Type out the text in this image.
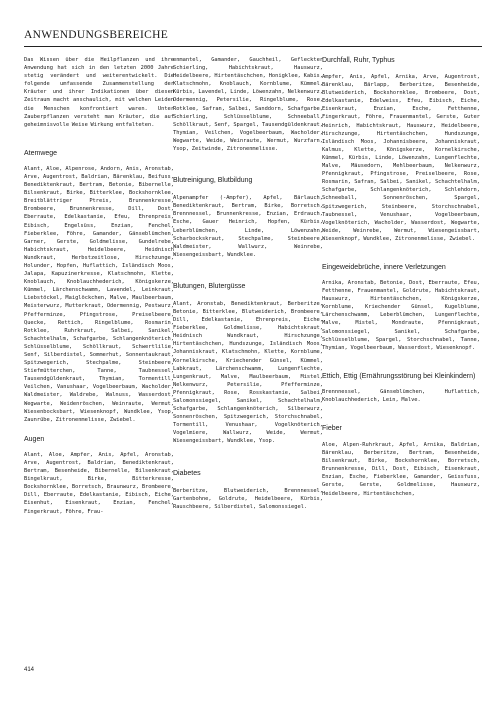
ANWENDUNGSBEREICHE

Das Wissen über die Heilpflanzen und ihre Anwendung hat sich in den letzten 2000 Jahre stetig verändert und weiterentwickelt. Die folgende umfassende Zusammenstellung der Kräuter und ihrer Indikationen über diesen Zeitraum macht anschaulich, mit welchen Leiden die Menschen konfrontiert waren. Unter Zauberpflanzen versteht man Kräuter, die auf geheimnisvolle Weise Wirkung entfalteten.

Atemwege

Alant, Aloe, Alpenrose, Andorn, Anis, Aronstab, Arve, Augentrost, Baldrian, Bärenklau, Beifuss, Benediktenkraut, Bertram, Betonie, Bibernelle, Bilsenkraut, Birke, Bitterklee, Bockshornklee, Breitblättriger Ptreis, Brunnenkresse, Brombeere, Brunnenkresse, Dill, Dost, Eberraute, Edelkastanie, Efeu, Ehrenpreis, Eibisch, Engelsüss, Enzian, Fenchel, Fieberklee, Föhre, Gamander, Gänseblümchen, Garner, Gerste, Goldmelisse, Gundelrebe, Habichtskraut, Heidelbeere, Heidnisch Wundkraut, Herbstzeitlose, Hirschzunge, Holunder, Hopfen, Huflattich, Isländisch Moos, Jalapa, Kapuzinerkresse, Klatschmohn, Klette, Knoblauch, Knoblauchhederich, Königskerze, Kümmel, Lärchenschwamm, Lavendel, Leinkraut, Liebstöckel, Maiglöckchen, Malve, Maulbeerbaum, Meisterwurz, Mutterkraut, Odermennig, Pestwurz, Pfefferminze, Pfingstrose, Preiselbeere, Quecke, Rettich, Ringelblume, Rosmarin, Rotklee, Ruhrkraut, Salbei, Sanikel, Schachtelhalm, Schafgarbe, Schlangenknöterich, Schlüsselblume, Schöllkraut, Schwertlilie, Senf, Silberdistel, Sommerhut, Sonnentaukraut, Spitzwegerich, Stechpalme, Steinbeere, Stiefmütterchen, Tanne, Taubnessel, Tausendgüldenkraut, Thymian, Tormentill, Veilchen, Vanushaar, Vogelbeerbaum, Wacholder, Waldmeister, Waldrebe, Walnuss, Wasserdost, Wegwarte, Weidenröschen, Weinraute, Wermut, Wiesenbocksbart, Wiesenknopf, Wundklee, Ysop, Zaunrübe, Zitronenmelisse, Zwiebel.

Augen

Alant, Aloe, Ampfer, Anis, Apfel, Aronstab, Arve, Augentrost, Baldrian, Benediktenkraut, Bertram, Besenheide, Bibernelle, Bilsenkraut, Bingelkraut, Birke, Bitterkresse, Bockshornklee, Borretsch, Braunwurz, Brombeere, Dill, Eberraute, Edelkastanie, Eibisch, Eiche, Eisenhut, Eisenkraut, Enzian, Fenchel, Fingerkraut, Föhre, Frau-

enmantel, Gamander, Gauchheil, Gefleckter Schierling, Habichtskraut, Hauswurz, Heidelbeere, Hirtentäschchen, Honigklee, Kabis, Klatschmohn, Knoblauch, Kornblume, Kümmel, Kürbis, Lavendel, Linde, Löwenzahn, Nelkenwurz, Odermennig, Petersilie, Ringelblume, Rose, Rotklee, Safran, Salbei, Sanddorn, Schafgarbe, Schierling, Schlüsselblume, Schneeball, Schöllkraut, Senf, Spargel, Tausendgüldenkraut, Thymian, Veilchen, Vogelbeerbaum, Wacholder, Wegwarte, Weide, Weinraute, Wermut, Wurzfarn, Ysop, Zeitwinde, Zitronenmelisse.

Blutreinigung, Blutbildung

Alpenampfer (-Ampfer), Apfel, Bärlauch, Benediktenkraut, Bertram, Birke, Borretsch, Brennnessel, Brunnenkresse, Enzian, Erdrauch, Esche, Gauer Heinrich, Hopfen, Kürbis, Leberblümchen, Linde, Löwenzahn, Scharbockskraut, Stechpalme, Steinbeere, Waldmeister, Wallwurz, Weinrebe, Wiesengeissbart, Wundklee.

Blutungen, Blutergüsse

Alant, Aronstab, Benediktenkraut, Berberitze, Betonie, Bitterklee, Blutweiderich, Brombeere, Dill, Edelkastanie, Ehrenpreis, Eiche, Fieberklee, Goldmelisse, Habichtskraut, Heidnisch Wundkraut, Hirschzunge, Hirtentäschchen, Hundszunge, Isländisch Moos, Johanniskraut, Klatschmohn, Klette, Kornblume, Kornelkirsche, Kriechender Günsel, Kümmel, Labkraut, Lärchenschwamm, Lungenflechte, Lungenkraut, Malve, Maulbeerbaum, Mistel, Nelkenwurz, Petersilie, Pfefferminze, Pfennigkraut, Rose, Rosskastanie, Salbei, Salomonssiegel, Sanikel, Schachtelhalm, Schafgarbe, Schlangenknöterich, Silberwurz, Sonnenröschen, Spitzwegerich, Storchschnabel, Tormentill, Venushaar, Vogelknöterich, Vogelmiere, Wallwurz, Weide, Wermut, Wiesengeissbart, Wundklee, Ysop.

Diabetes

Berberitze, Blutweiderich, Brennnessel, Gartenbohne, Goldrute, Heidelbeere, Kürbis, Rauschbeere, Silberdistel, Salomonssiegel.

Durchfall, Ruhr, Typhus

Ampfer, Anis, Apfel, Arnika, Arve, Augentrost, Bärenklau, Bärlapp, Berberitze, Besenheide, Blutweiderich, Bockshornklee, Brombeere, Dost, Edelkastanie, Edelweiss, Efeu, Eibisch, Eiche, Eisenkraut, Enzian, Esche, Fetthenne, Fingerkraut, Föhre, Frauenmantel, Gerste, Guter Heinrich, Habichtskraut, Hauswurz, Heidelbeere, Hirschzunge, Hirtentäschchen, Hundszunge, Isländisch Moos, Johannisbeere, Johanniskraut, Kalmus, Klette, Königskerze, Kornelkirsche, Kümmel, Kürbis, Linde, Löwenzahn, Lungenflechte, Malve, Mäusedorn, Mehlbeerbaum, Nelkenwurz, Pfennigkraut, Pfingstrose, Preiselbeere, Rose, Rosmarin, Safran, Salbei, Sanikel, Schachtelhalm, Schafgarbe, Schlangenknöterich, Schlehdorn, Schneeball, Sonnenröschen, Spargel, Spitzwegerich, Steinbeere, Storchschnabel, Taubnessel, Venushaar, Vogelbeerbaum, Vogelknöterich, Wacholder, Wasserdost, Wegwarte, Weide, Weinrebe, Wermut, Wiesengeissbart, Wiesenknopf, Wundklee, Zitronenmelisse, Zwiebel.

Eingeweidebrüche, innere Verletzungen

Arnika, Aronstab, Betonie, Dost, Eberraute, Efeu, Fetthenne, Frauenmantel, Goldrute, Habichtskraut, Hauswurz, Hirtentäschchen, Königskerze, Kornblume, Kriechender Günsel, Kugelblume, Lärchenschwamm, Leberblümchen, Lungenflechte, Malve, Mistel, Mondraute, Pfennigkraut, Salomonssiegel, Sanikel, Schafgarbe, Schlüsselblume, Spargel, Storchschnabel, Tanne, Thymian, Vogelbeerbaum, Wasserdost, Wiesenknopf.

Ettich, Ettig (Ernährungsstörung bei Kleinkindern)

Brennnessel, Gänseblümchen, Huflattich, Knoblauchhederich, Lein, Malve.

Fieber

Aloe, Alpen-Ruhrkraut, Apfel, Arnika, Baldrian, Bärenklau, Berberitze, Bertram, Besenheide, Bilsenkraut, Birke, Bockshornklee, Borretsch, Brunnenkresse, Dill, Dost, Eibisch, Eisenkraut, Enzian, Esche, Fieberklee, Gamander, Geissfuss, Gerste, Gerste, Goldmelisse, Hauswurz, Heidelbeere, Hirtentäschchen,

414
